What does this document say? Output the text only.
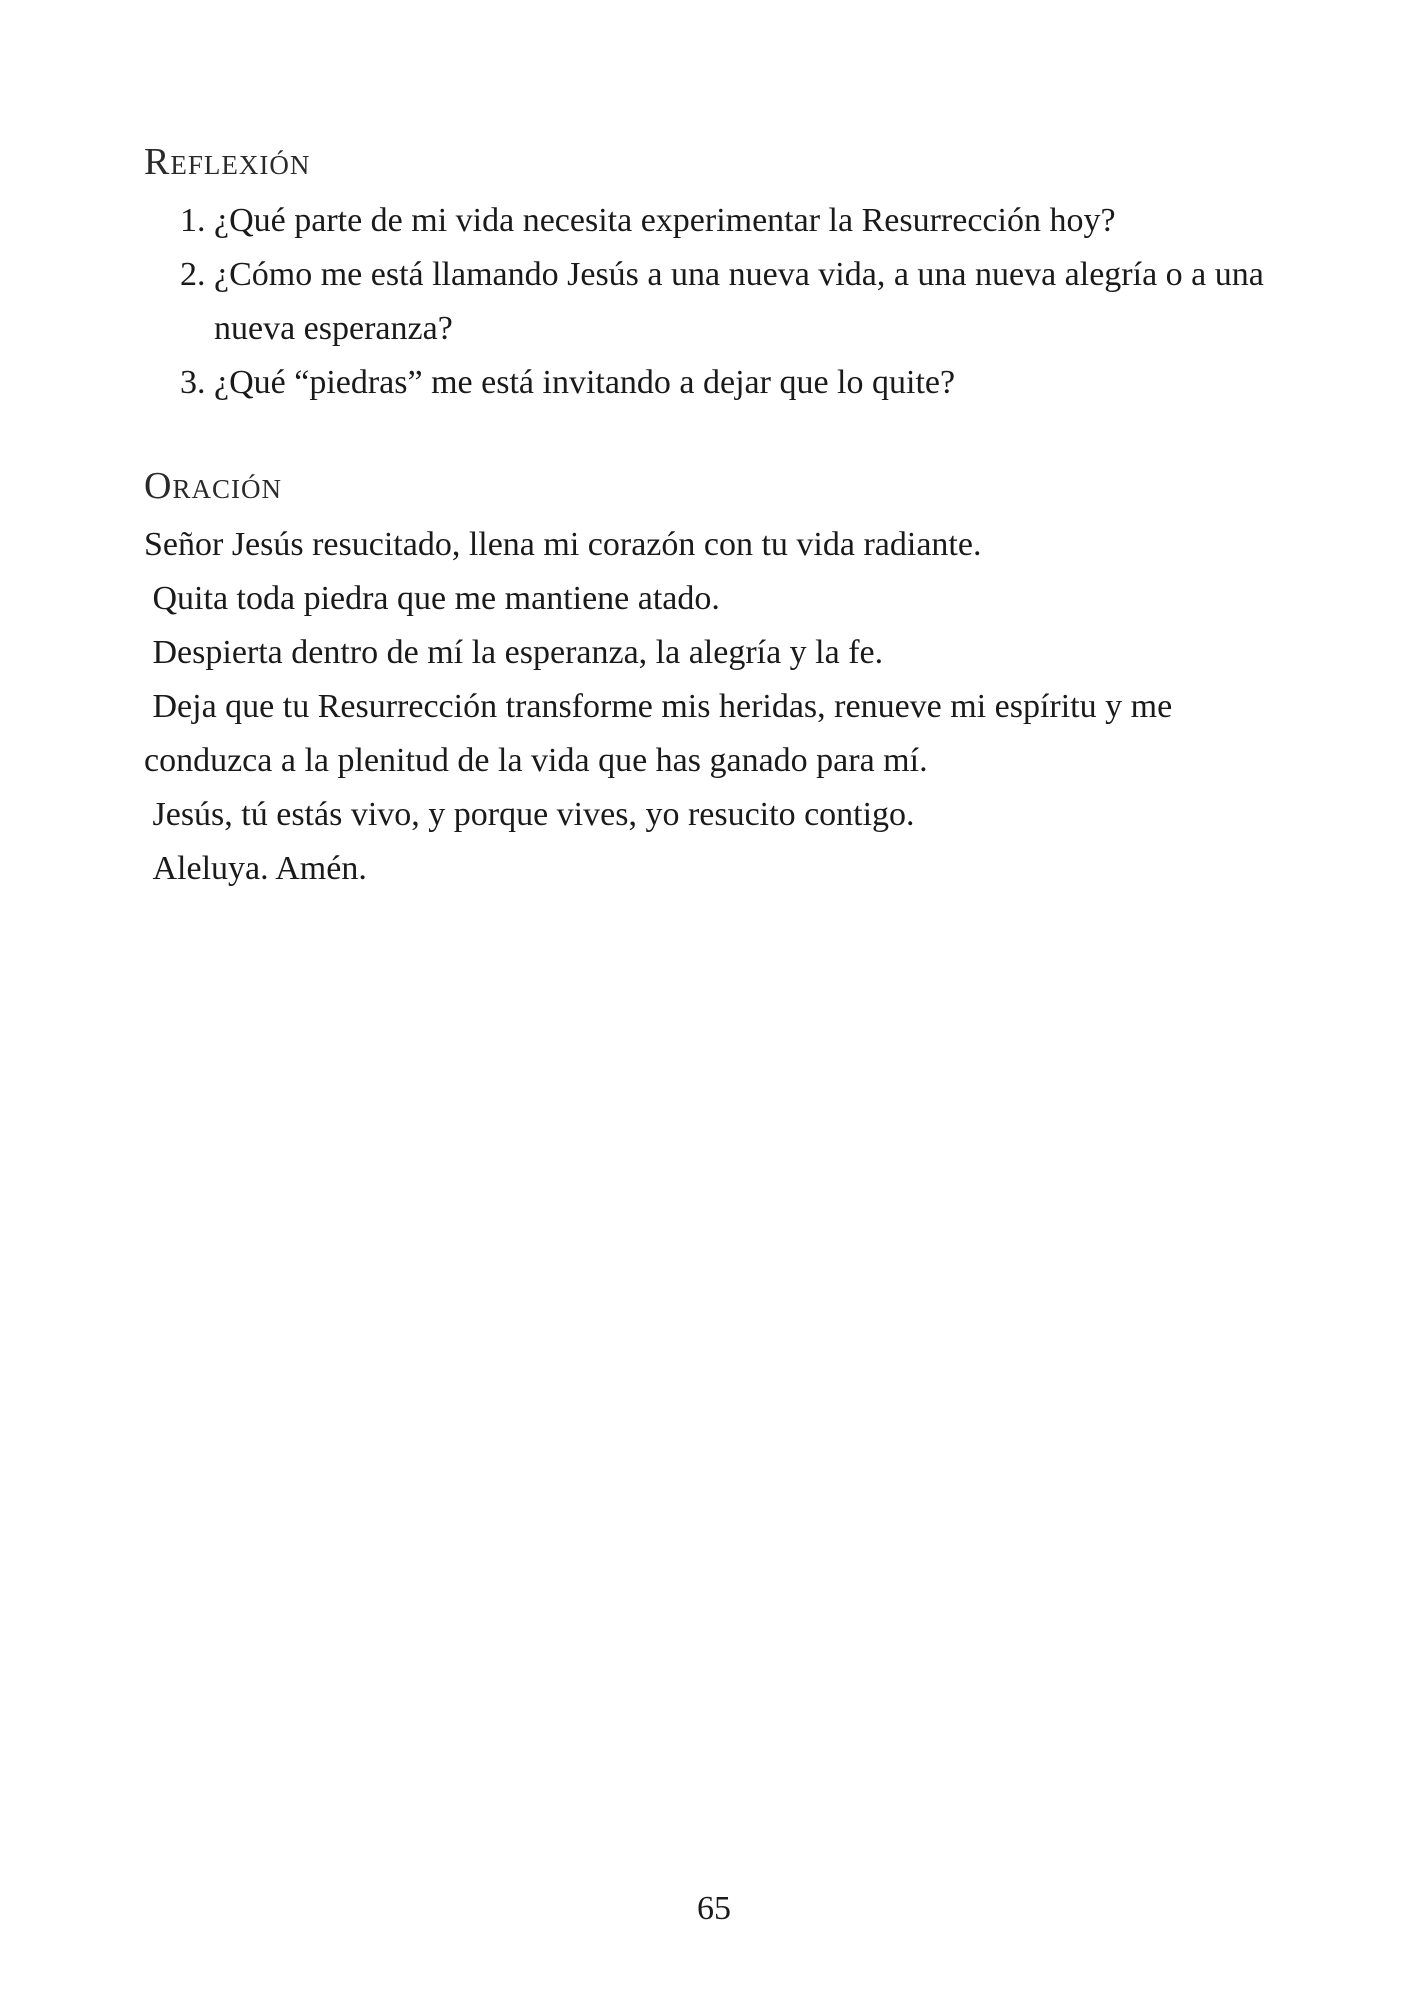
Reflexión
1. ¿Qué parte de mi vida necesita experimentar la Resurrección hoy?
2. ¿Cómo me está llamando Jesús a una nueva vida, a una nueva alegría o a una nueva esperanza?
3. ¿Qué “piedras” me está invitando a dejar que lo quite?
Oración
Señor Jesús resucitado, llena mi corazón con tu vida radiante.
Quita toda piedra que me mantiene atado.
Despierta dentro de mí la esperanza, la alegría y la fe.
Deja que tu Resurrección transforme mis heridas, renueve mi espíritu y me conduzca a la plenitud de la vida que has ganado para mí.
Jesús, tú estás vivo, y porque vives, yo resucito contigo.
Aleluya. Amén.
65
